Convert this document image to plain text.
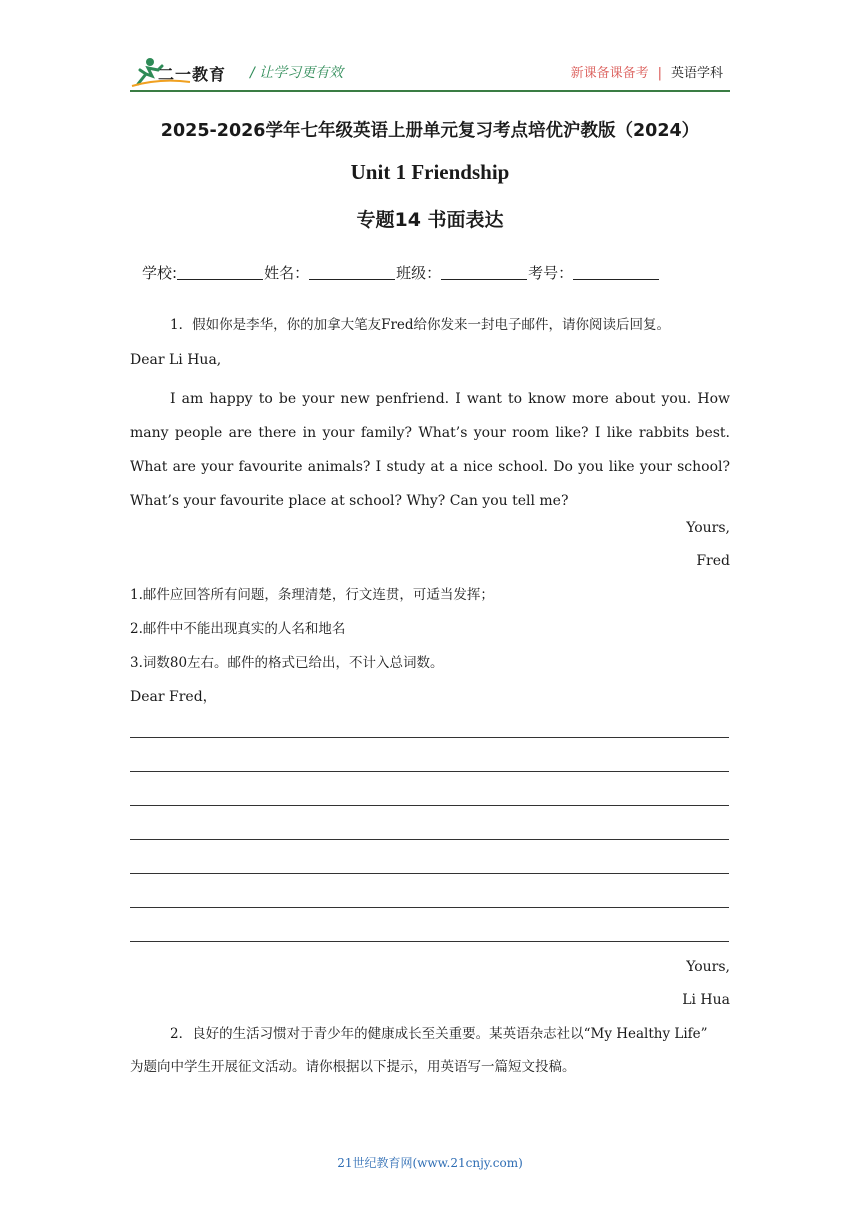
二一教育 / 让学习更有效	新课备课备考 | 英语学科
2025-2026学年七年级英语上册单元复习考点培优沪教版（2024）
Unit 1 Friendship
专题14 书面表达
学校:	姓名：	班级：	考号：
1．假如你是李华，你的加拿大笔友Fred给你发来一封电子邮件，请你阅读后回复。
Dear Li Hua,
I am happy to be your new penfriend. I want to know more about you. How many people are there in your family? What’s your room like? I like rabbits best. What are your favourite animals? I study at a nice school. Do you like your school? What’s your favourite place at school? Why? Can you tell me?
Yours,
Fred
1.邮件应回答所有问题，条理清楚，行文连贯，可适当发挥；
2.邮件中不能出现真实的人名和地名
3.词数80左右。邮件的格式已给出，不计入总词数。
Dear Fred，
Yours,
Li Hua
2．良好的生活习惯对于青少年的健康成长至关重要。某英语杂志社以“My Healthy Life”
为题向中学生开展征文活动。请你根据以下提示，用英语写一篇短文投稿。
21世纪教育网(www.21cnjy.com)
